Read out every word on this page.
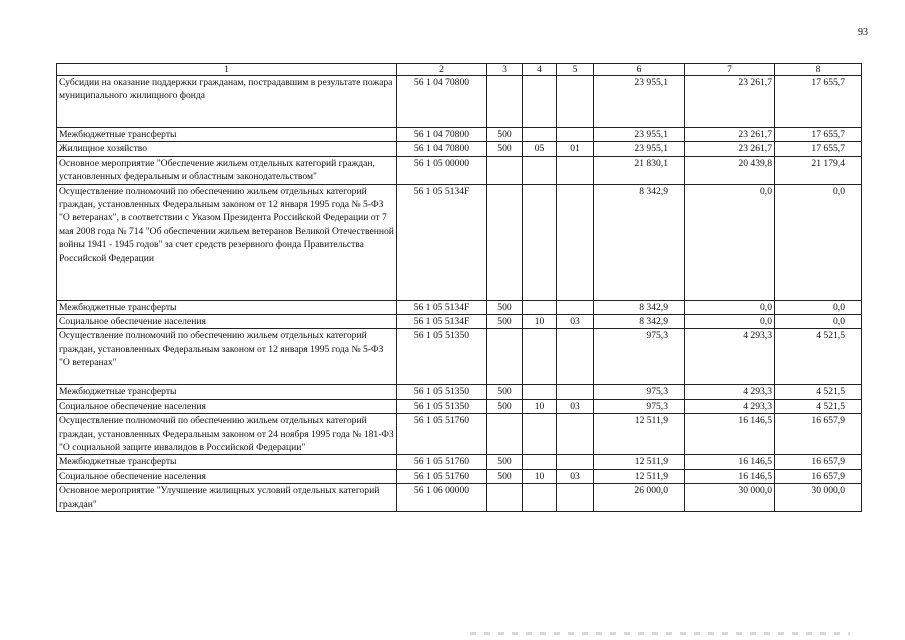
93
1	2	3	4	5	6	7	8
Субсидии на оказание поддержки гражданам, пострадавшим в результате пожара муниципального жилищного фонда	56 1 04 70800				23 955,1	23 261,7	17 655,7
Межбюджетные трансферты	56 1 04 70800	500			23 955,1	23 261,7	17 655,7
Жилищное хозяйство	56 1 04 70800	500	05	01	23 955,1	23 261,7	17 655,7
Основное мероприятие "Обеспечение жильем отдельных категорий граждан, установленных федеральным и областным законодательством"	56 1 05 00000				21 830,1	20 439,8	21 179,4
Осуществление полномочий по обеспечению жильем отдельных категорий граждан, установленных Федеральным законом от 12 января 1995 года № 5-ФЗ "О ветеранах", в соответствии с Указом Президента Российской Федерации от 7 мая 2008 года № 714 "Об обеспечении жильем ветеранов Великой Отечественной войны 1941 - 1945 годов" за счет средств резервного фонда Правительства Российской Федерации	56 1 05 5134F				8 342,9	0,0	0,0
Межбюджетные трансферты	56 1 05 5134F	500			8 342,9	0,0	0,0
Социальное обеспечение населения	56 1 05 5134F	500	10	03	8 342,9	0,0	0,0
Осуществление полномочий по обеспечению жильем отдельных категорий граждан, установленных Федеральным законом от 12 января 1995 года № 5-ФЗ "О ветеранах"	56 1 05 51350				975,3	4 293,3	4 521,5
Межбюджетные трансферты	56 1 05 51350	500			975,3	4 293,3	4 521,5
Социальное обеспечение населения	56 1 05 51350	500	10	03	975,3	4 293,3	4 521,5
Осуществление полномочий по обеспечению жильем отдельных категорий граждан, установленных Федеральным законом от 24 ноября 1995 года № 181-ФЗ "О социальной защите инвалидов в Российской Федерации"	56 1 05 51760				12 511,9	16 146,5	16 657,9
Межбюджетные трансферты	56 1 05 51760	500			12 511,9	16 146,5	16 657,9
Социальное обеспечение населения	56 1 05 51760	500	10	03	12 511,9	16 146,5	16 657,9
Основное мероприятие "Улучшение жилищных условий отдельных категорий граждан"	56 1 06 00000				26 000,0	30 000,0	30 000,0
